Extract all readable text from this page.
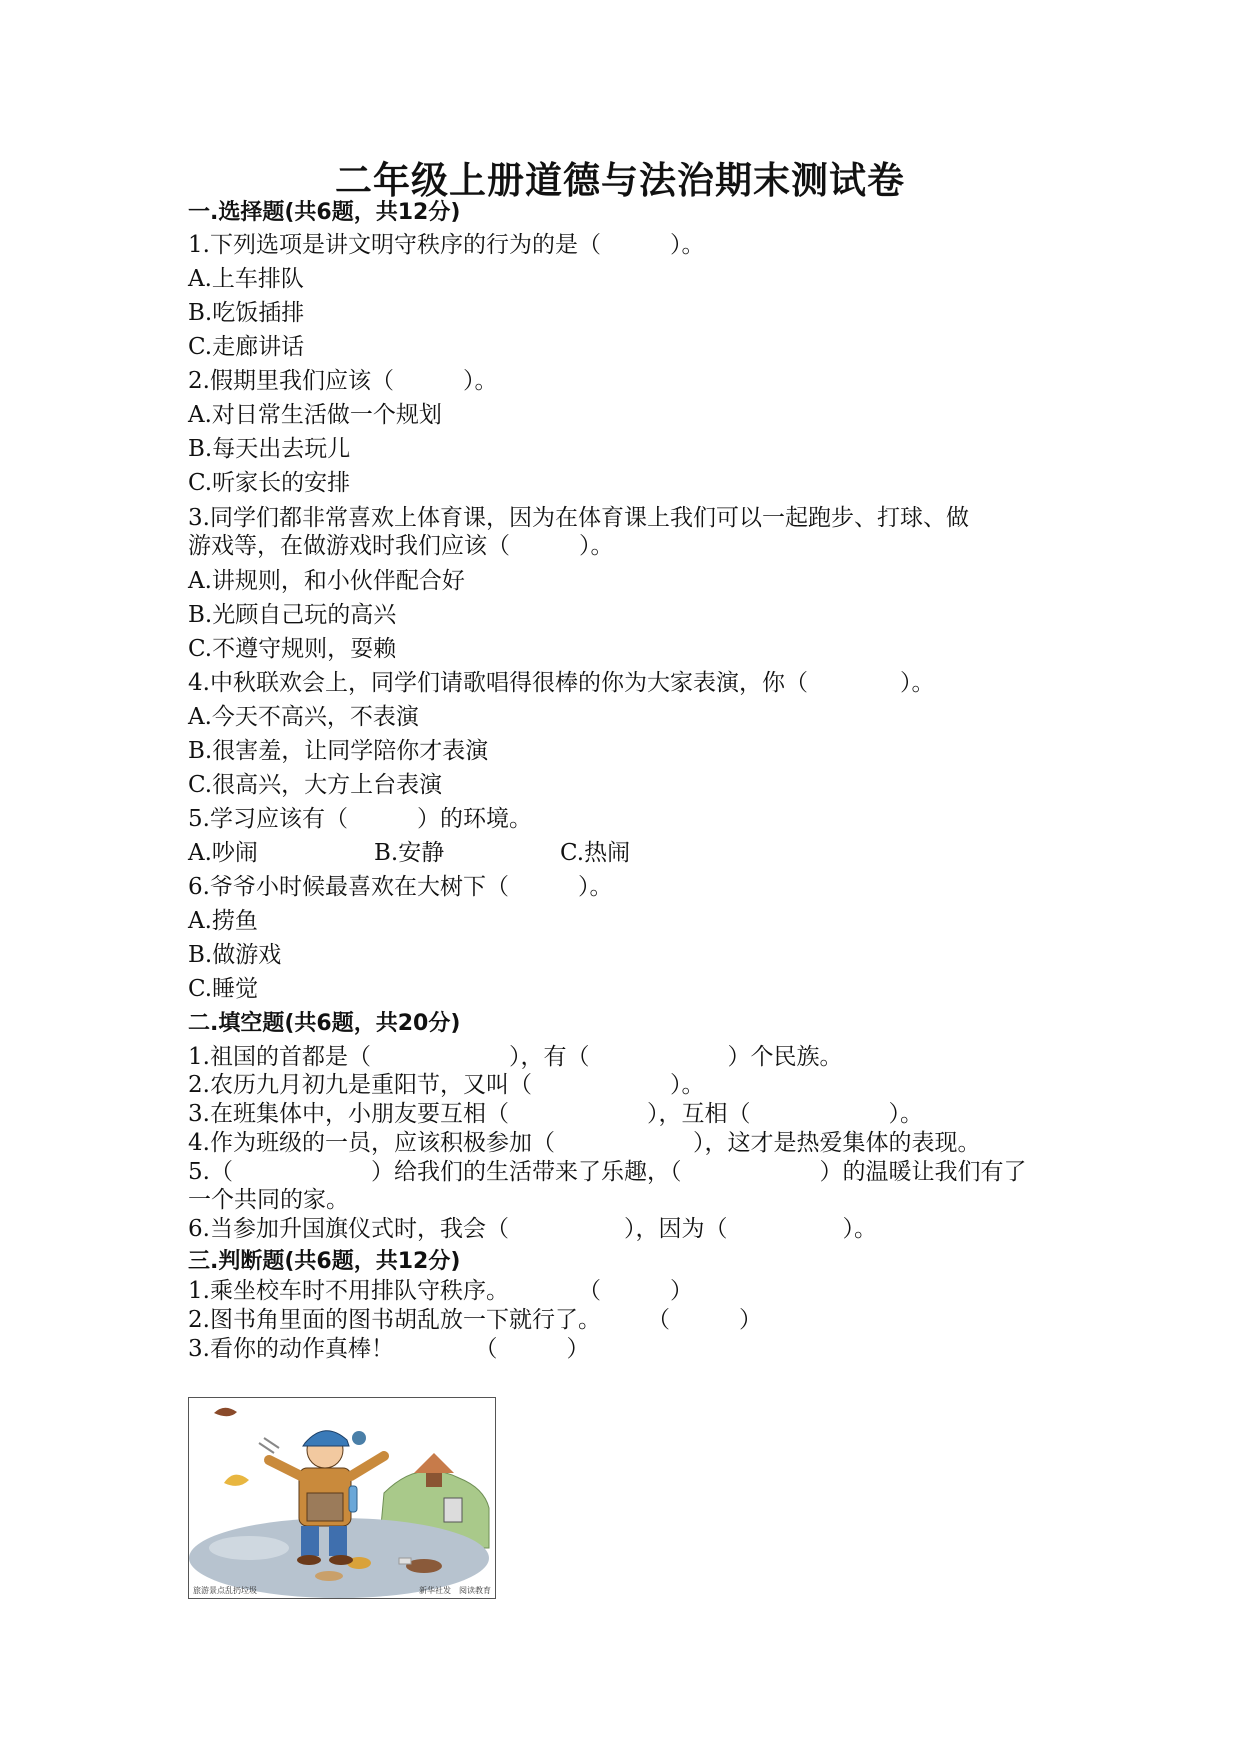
二年级上册道德与法治期末测试卷
一.选择题(共6题，共12分)
1.下列选项是讲文明守秩序的行为的是（　　　）。
A.上车排队
B.吃饭插排
C.走廊讲话
2.假期里我们应该（　　　）。
A.对日常生活做一个规划
B.每天出去玩儿
C.听家长的安排
3.同学们都非常喜欢上体育课，因为在体育课上我们可以一起跑步、打球、做
游戏等，在做游戏时我们应该（　　　）。
A.讲规则，和小伙伴配合好
B.光顾自己玩的高兴
C.不遵守规则，耍赖
4.中秋联欢会上，同学们请歌唱得很棒的你为大家表演，你（　　　　）。
A.今天不高兴，不表演
B.很害羞，让同学陪你才表演
C.很高兴，大方上台表演
5.学习应该有（　　　）的环境。
A.吵闹	B.安静	C.热闹
6.爷爷小时候最喜欢在大树下（　　　）。
A.捞鱼
B.做游戏
C.睡觉
二.填空题(共6题，共20分)
1.祖国的首都是（　　　　　　），有（　　　　　　）个民族。
2.农历九月初九是重阳节，又叫（　　　　　　）。
3.在班集体中，小朋友要互相（　　　　　　），互相（　　　　　　）。
4.作为班级的一员，应该积极参加（　　　　　　），这才是热爱集体的表现。
5.（　　　　　　）给我们的生活带来了乐趣，（　　　　　　）的温暖让我们有了
一个共同的家。
6.当参加升国旗仪式时，我会（　　　　　），因为（　　　　　）。
三.判断题(共6题，共12分)
1.乘坐校车时不用排队守秩序。　　　　（　　　）
2.图书角里面的图书胡乱放一下就行了。　　　（　　　）
3.看你的动作真棒！　　　　（　　　）
旅游景点乱扔垃圾	新华社发　阅读教育
